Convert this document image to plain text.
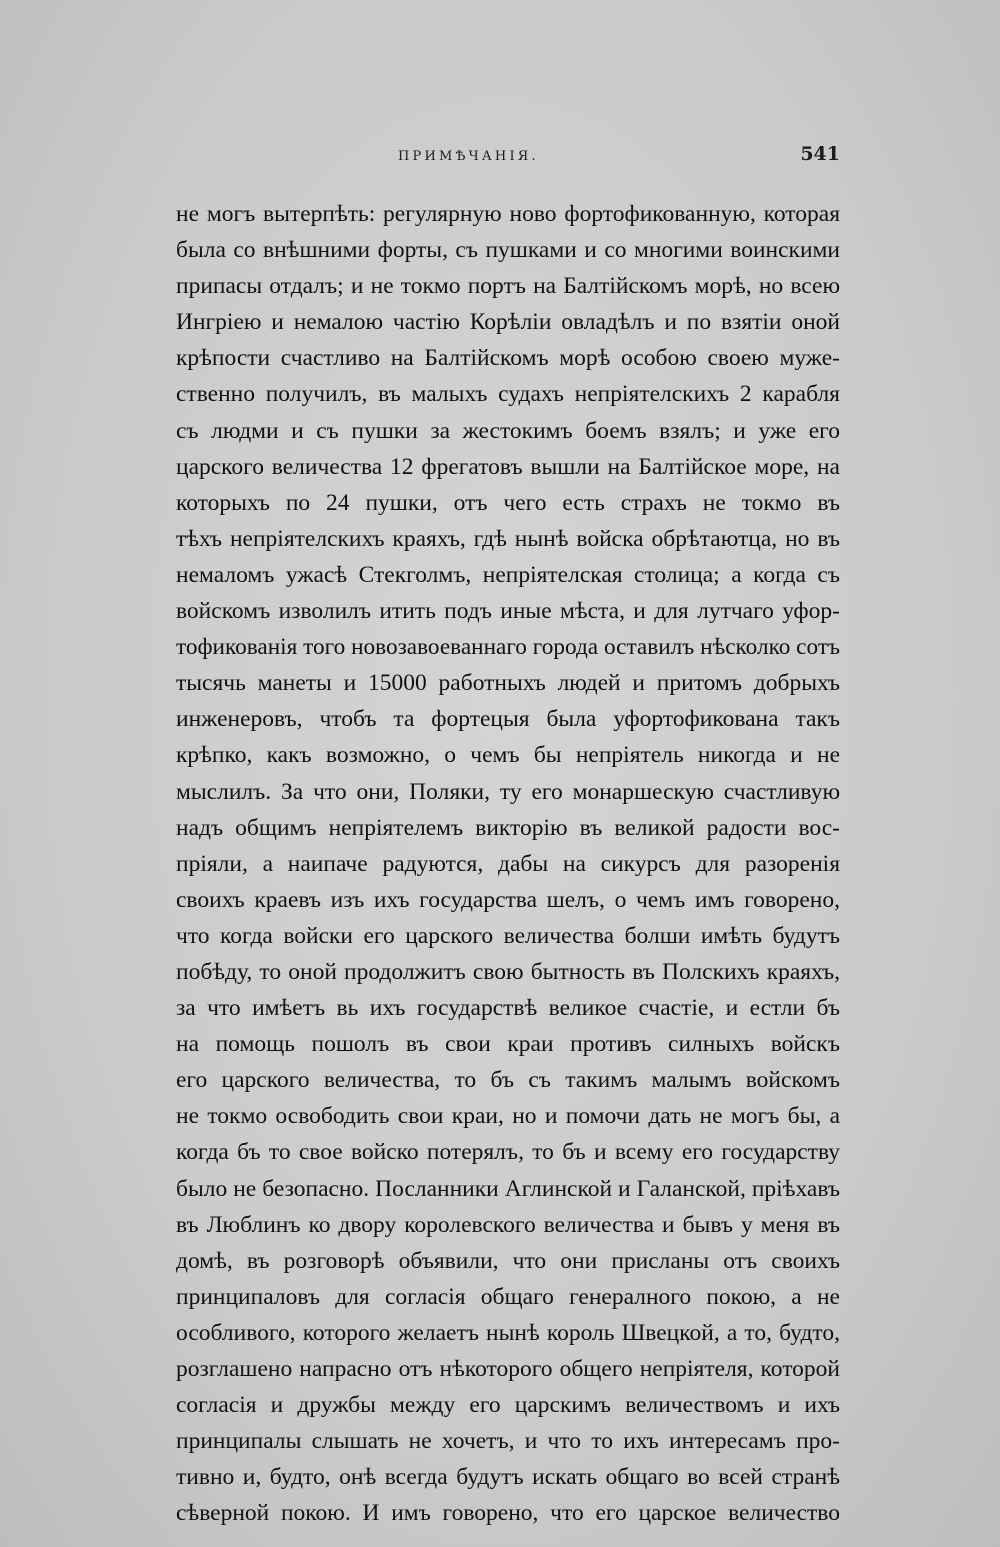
ПРИМѢЧАНІЯ.	541
не могъ вытерпѣть: регулярную ново фортофикованную, которая
была со внѣшними форты, съ пушками и со многими воинскими
припасы отдалъ; и не токмо портъ на Балтійскомъ морѣ, но всею
Ингріею и немалою частію Корѣліи овладѣлъ и по взятіи оной
крѣпости счастливо на Балтійскомъ морѣ особою своею муже-
ственно получилъ, въ малыхъ судахъ непріятелскихъ 2 карабля
съ людми и съ пушки за жестокимъ боемъ взялъ; и уже его
царского величества 12 фрегатовъ вышли на Балтійское море, на
которыхъ по 24 пушки, отъ чего есть страхъ не токмо въ
тѣхъ непріятелскихъ краяхъ, гдѣ нынѣ войска обрѣтаютца, но въ
немаломъ ужасѣ Стекголмъ, непріятелская столица; а когда съ
войскомъ изволилъ итить подъ иные мѣста, и для лутчаго уфор-
тофикованія того новозавоеваннаго города оставилъ нѣсколко сотъ
тысячь манеты и 15000 работныхъ людей и притомъ добрыхъ
инженеровъ, чтобъ та фортецыя была уфортофикована такъ
крѣпко, какъ возможно, о чемъ бы непріятель никогда и не
мыслилъ. За что они, Поляки, ту его монаршескую счастливую
надъ общимъ непріятелемъ викторію въ великой радости вос-
пріяли, а наипаче радуются, дабы на сикурсъ для разоренія
своихъ краевъ изъ ихъ государства шелъ, о чемъ имъ говорено,
что когда войски его царского величества болши имѣть будутъ
побѣду, то оной продолжитъ свою бытность въ Полскихъ краяхъ,
за что имѣетъ вь ихъ государствѣ великое счастіе, и естли бъ
на помощь пошолъ въ свои краи противъ силныхъ войскъ
его царского величества, то бъ съ такимъ малымъ войскомъ
не токмо освободить свои краи, но и помочи дать не могъ бы, а
когда бъ то свое войско потерялъ, то бъ и всему его государству
было не безопасно. Посланники Аглинской и Галанской, пріѣхавъ
въ Люблинъ ко двору королевского величества и бывъ у меня въ
домѣ, въ розговорѣ объявили, что они присланы отъ своихъ
принципаловъ для согласія общаго генералного покою, а не
особливого, которого желаетъ нынѣ король Швецкой, а то, будто,
розглашено напрасно отъ нѣкоторого общего непріятеля, которой
согласія и дружбы между его царскимъ величествомъ и ихъ
принципалы слышать не хочетъ, и что то ихъ интересамъ про-
тивно и, будто, онѣ всегда будутъ искать общаго во всей странѣ
сѣверной покою. И имъ говорено, что его царское величество
